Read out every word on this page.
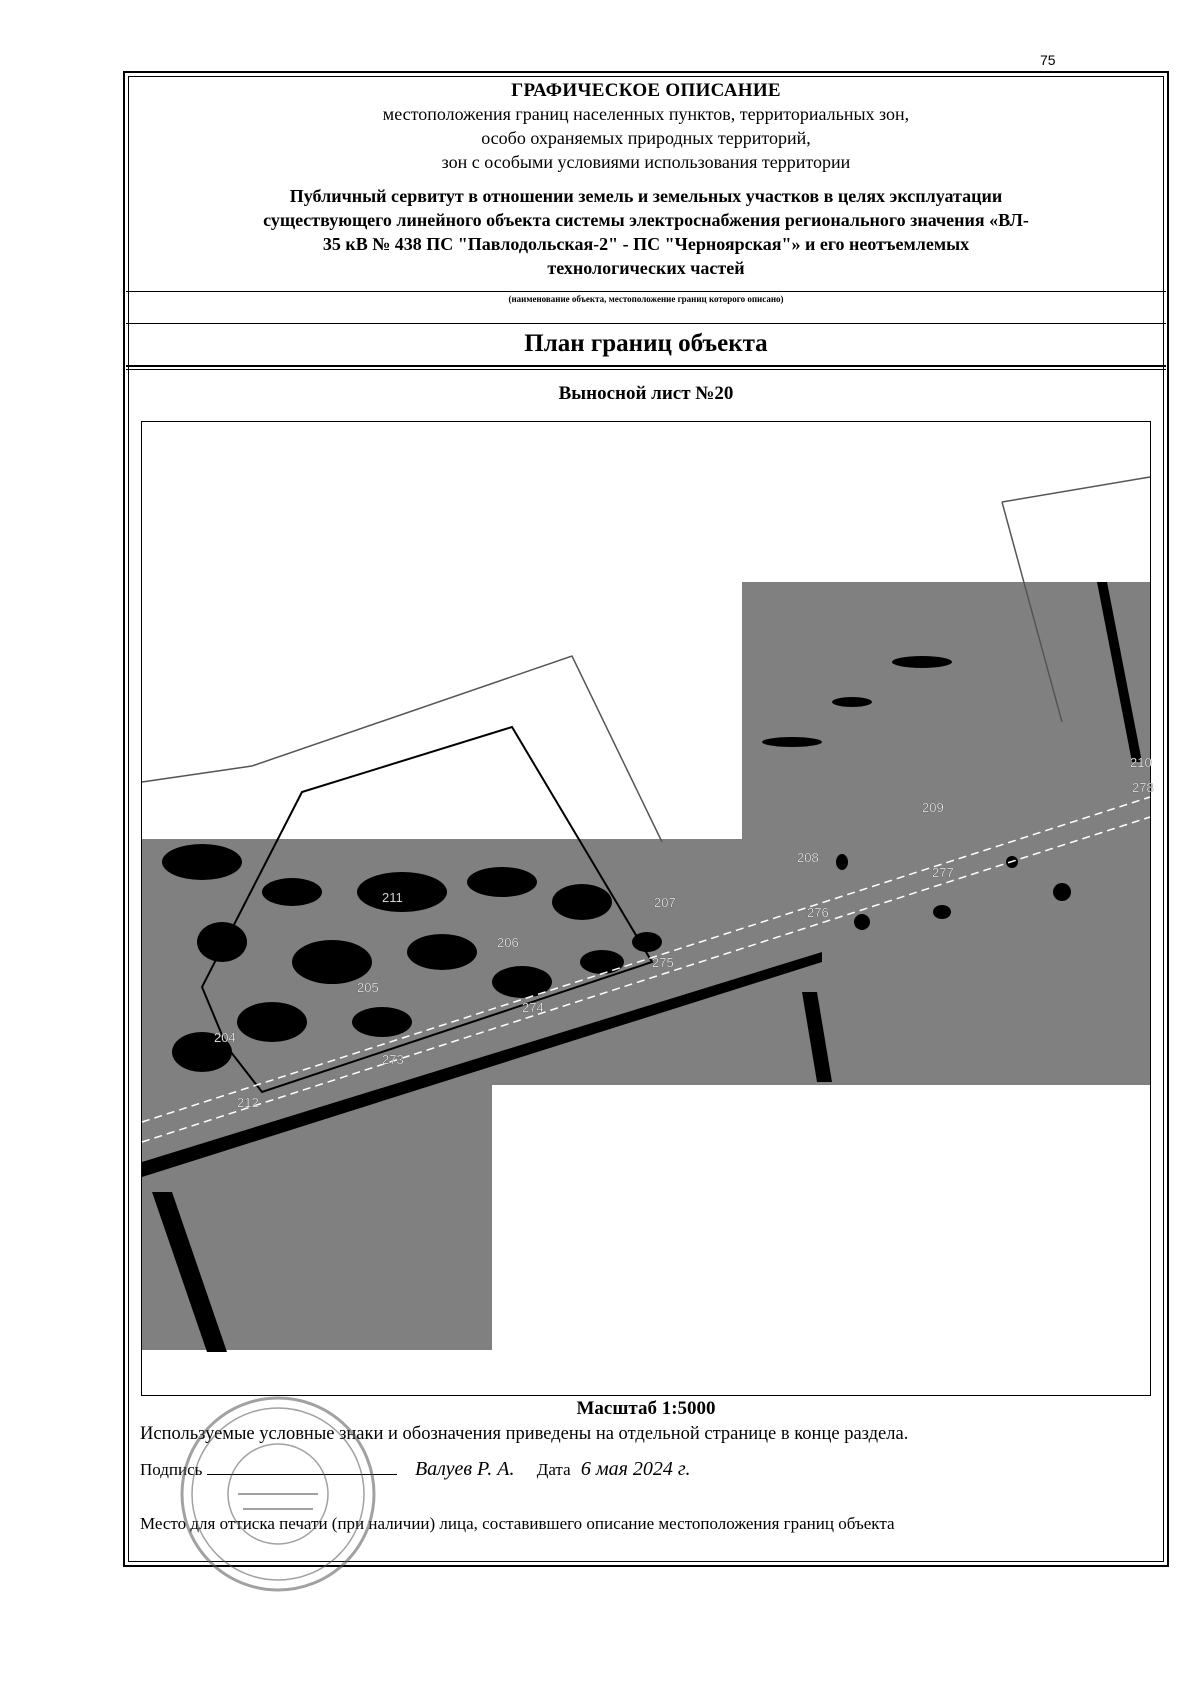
75
ГРАФИЧЕСКОЕ ОПИСАНИЕ
местоположения границ населенных пунктов, территориальных зон,
особо охраняемых природных территорий,
зон с особыми условиями использования территории
Публичный сервитут в отношении земель и земельных участков в целях эксплуатации
существующего линейного объекта системы электроснабжения регионального значения «ВЛ-
35 кВ № 438 ПС "Павлодольская-2" - ПС "Черноярская"» и его неотъемлемых
технологических частей
(наименование объекта, местоположение границ которого описано)
План границ объекта
Выносной лист №20
204
205
206
207
208
209
210
211
212
273
274
275
276
277
278
Масштаб 1:5000
Используемые условные знаки и обозначения приведены на отдельной странице в конце раздела.
Подпись	Валуев Р. А. Дата 6 мая 2024 г.
Место для оттиска печати (при наличии) лица, составившего описание местоположения границ объекта
